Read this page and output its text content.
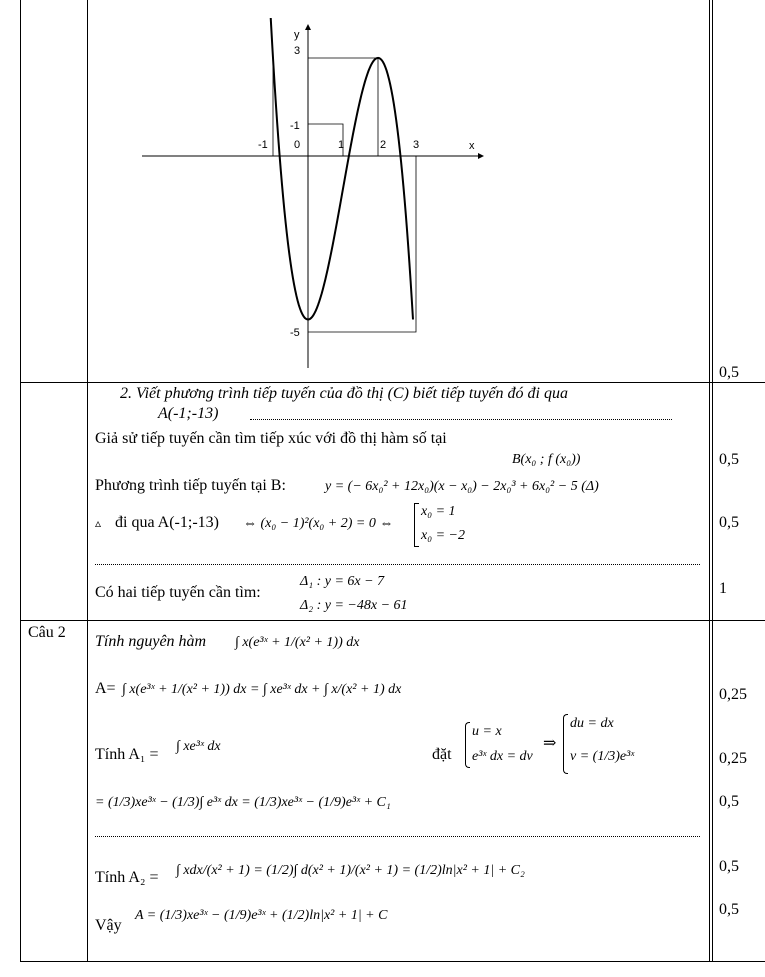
-1 0	1	2 3	x
y
3
-1
-5
0,5
2. Viết phương trình tiếp tuyến của đồ thị (C) biết tiếp tuyến đó đi qua
A(-1;-13)
Giả sử tiếp tuyến cần tìm tiếp xúc với đồ thị hàm số tại
B(x₀ ; f (x₀))	0,5
Phương trình tiếp tuyến tại B:	y = (− 6x₀² + 12x₀)(x − x₀) − 2x₀³ + 6x₀² − 5 (Δ)
▵ đi qua A(-1;-13) ⇔ (x₀ − 1)²(x₀ + 2) = 0 ⇔
x₀ = 1
x₀ = −2
0,5
Có hai tiếp tuyến cần tìm:
Δ₁ : y = 6x − 7
Δ₂ : y = −48x − 61
1
Câu 2
Tính nguyên hàm ∫ x(e³ˣ + 1/(x² + 1)) dx
A= ∫ x(e³ˣ + 1/(x² + 1)) dx = ∫ xe³ˣ dx + ∫ x/(x² + 1) dx	0,25
Tính A₁ = ∫ xe³ˣ dx	đặt
u = x
e³ˣ dx = dv
⇒
du = dx
v = (1/3)e³ˣ	0,25
= (1/3)xe³ˣ − (1/3)∫ e³ˣ dx = (1/3)xe³ˣ − (1/9)e³ˣ + C₁	0,5
Tính A₂ = ∫ xdx/(x² + 1) = (1/2)∫ d(x² + 1)/(x² + 1) = (1/2)ln|x² + 1| + C₂	0,5
Vậy
A = (1/3)xe³ˣ − (1/9)e³ˣ + (1/2)ln|x² + 1| + C	0,5
